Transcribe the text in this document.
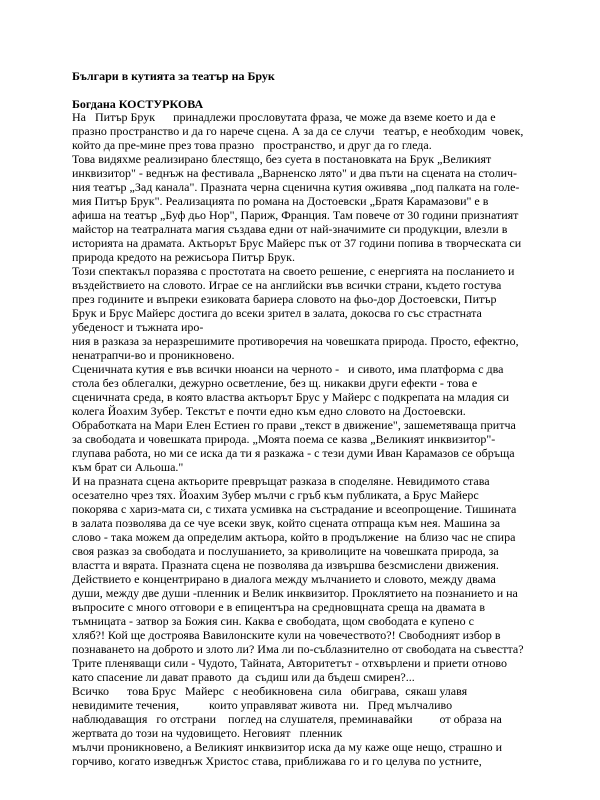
Българи в кутията за театър на Брук
Богдана КОСТУРКОВА
На   Питър Брук      принадлежи прословутата фраза, че може да вземе което и да е
празно пространство и да го нарече сцена. А за да се случи   театър, е необходим  човек,
който да пре-мине през това празно   пространство, и друг да го гледа.
Това видяхме реализирано блестящо, без суета в постановката на Брук „Великият
инквизитор" - веднъж на фестивала „Варненско лято" и два пъти на сцената на столич-
ния театър „Зад канала". Празната черна сценична кутия оживява „под палката на голе-
мия Питър Брук". Реализацията по романа на Достоевски „Братя Карамазови" е в
афиша на театър „Буф дьо Нор", Париж, Франция. Там повече от 30 години признатият
майстор на театралната магия създава едни от най-значимите си продукции, влезли в
историята на драмата. Актьорът Брус Майерс пък от 37 години попива в творческата си
природа кредото на режисьора Питър Брук.
Този спектакъл поразява с простотата на своето решение, с енергията на посланието и
въздействието на словото. Играе се на английски във всички страни, където гостува
през годините и въпреки езиковата бариера словото на фьо-дор Достоевски, Питър
Брук и Брус Майерс достига до всеки зрител в залата, докосва го със страстната
убеденост и тъжната иро-
ния в разказа за неразрешимите противоречия на човешката природа. Просто, ефектно,
ненатрапчи-во и проникновено.
Сценичната кутия е във всички нюанси на черното -   и сивото, има платформа с два
стола без облегалки, дежурно осветление, без щ. никакви други ефекти - това е
сценичната среда, в която властва актьорът Брус у Майерс с подкрепата на младия си
колега Йоахим Зубер. Текстът е почти едно към едно словото на Достоевски.
Обработката на Мари Елен Естиен го прави „текст в движение", зашеметяваща притча
за свободата и човешката природа. „Моята поема се казва „Великият инквизитор"-
глупава работа, но ми се иска да ти я разкажа - с тези думи Иван Карамазов се обръща
към брат си Альоша."
И на празната сцена актьорите превръщат разказа в споделяне. Невидимото става
осезателно чрез тях. Йоахим Зубер мълчи с гръб към публиката, а Брус Майерс
покорява с хариз-мата си, с тихата усмивка на състрадание и всеопрощение. Тишината
в залата позволява да се чуе всеки звук, който сцената отпраща към нея. Машина за
слово - така можем да определим актьора, който в продължение  на близо час не спира
своя разказ за свободата и послушанието, за криволиците на човешката природа, за
властта и вярата. Празната сцена не позволява да извършва безсмислени движения.
Действието е концентрирано в диалога между мълчанието и словото, между двама
души, между две души -пленник и Велик инквизитор. Проклятието на познанието и на
въпросите с много отговори е в епицентъра на средновщната среща на двамата в
тъмницата - затвор за Божия син. Каква е свободата, щом свободата е купено с
хляб?! Кой ще достроява Вавилонските кули на човечеството?! Свободният избор в
познаването на доброто и злото ли? Има ли по-съблазнително от свободата на съвестта?
Трите пленяващи сили - Чудото, Тайната, Авторитетът - отхвърлени и приети отново
като спасение ли дават правото  да  съдиш или да бъдеш смирен?...
Всичко      това Брус   Майерс   с необикновена  сила   обиграва,  сякаш улавя
невидимите течения,          които управляват живота  ни.   Пред мълчаливо
наблюдаващия   го отстрани    поглед на слушателя, преминавайки         от образа на
жертвата до този на чудовището. Неговият   пленник
мълчи проникновено, а Великият инквизитор иска да му каже още нещо, страшно и
горчиво, когато изведнъж Христос става, приближава го и го целува по устните,
